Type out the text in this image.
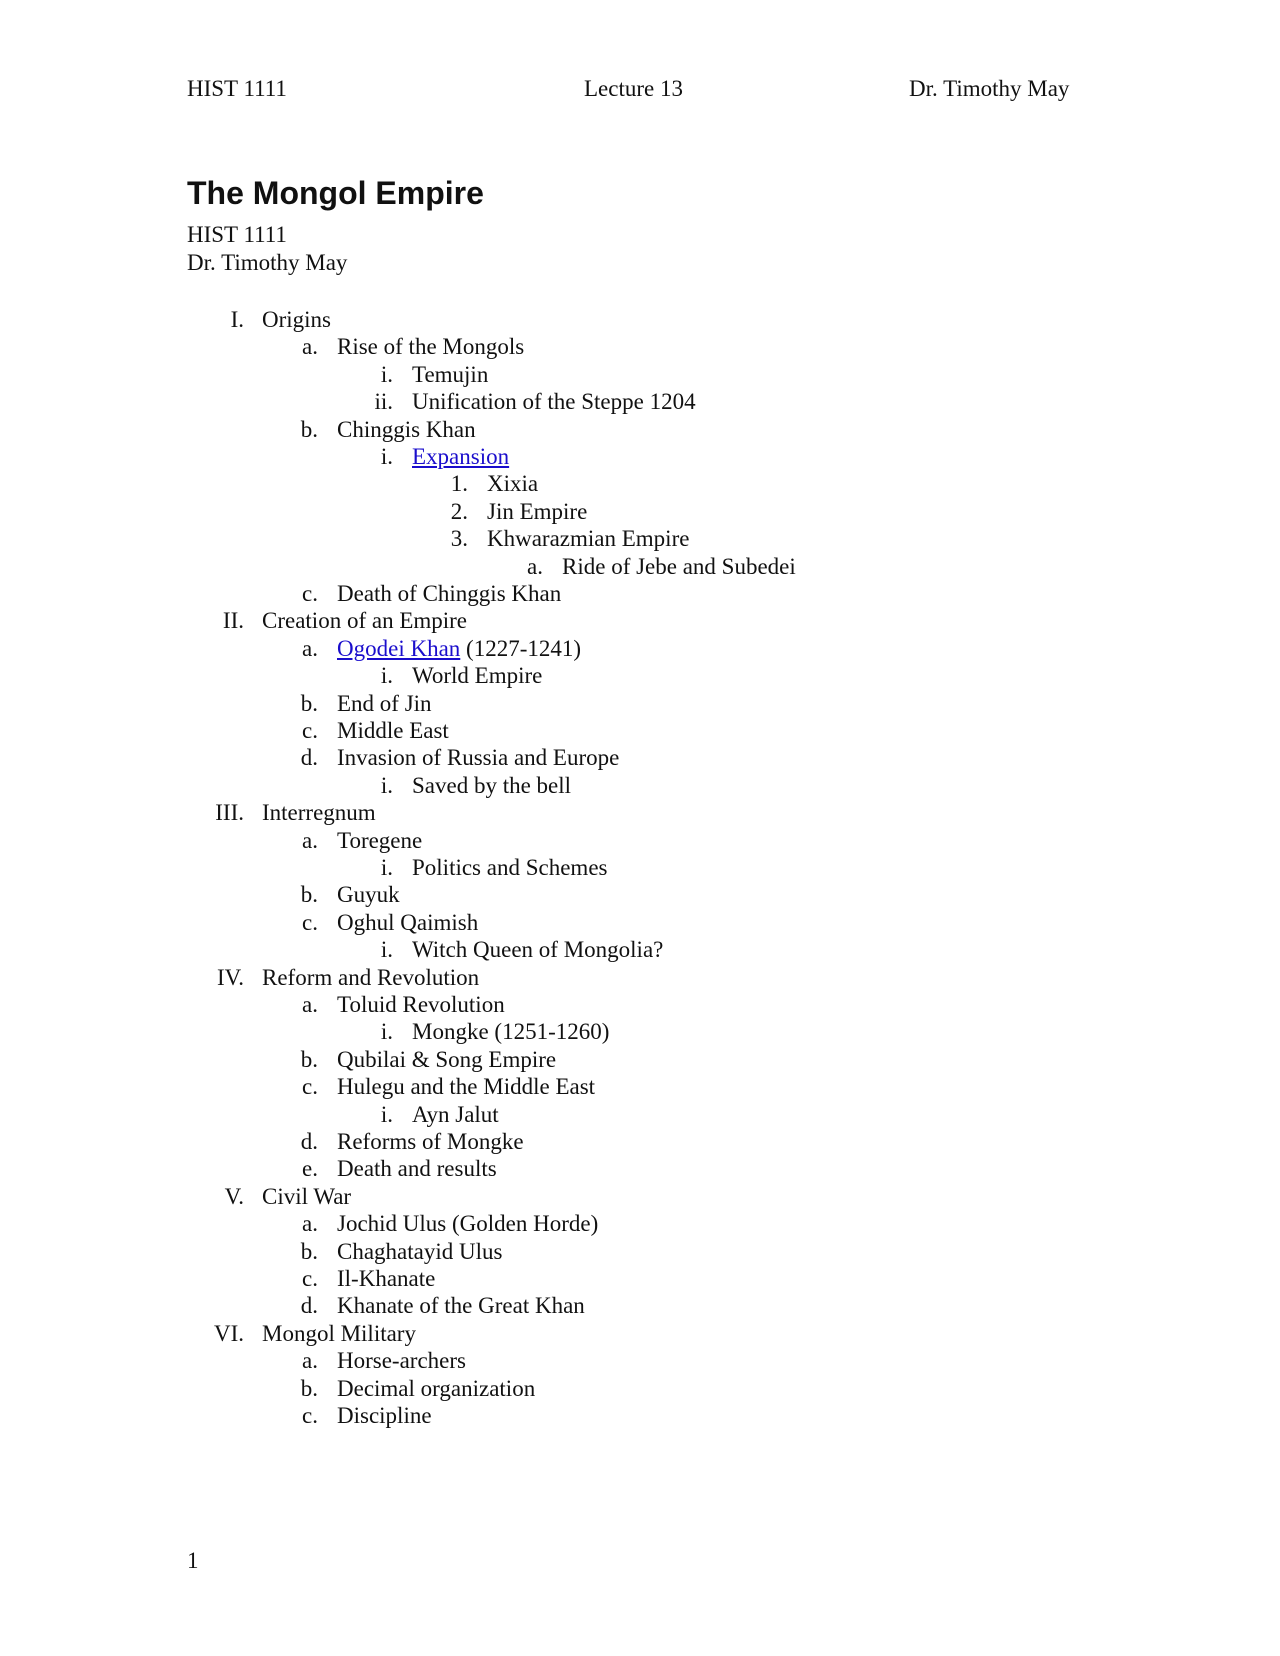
HIST 1111	Lecture 13	Dr. Timothy May
The Mongol Empire
HIST 1111
Dr. Timothy May
I. Origins
a. Rise of the Mongols
i. Temujin
ii. Unification of the Steppe 1204
b. Chinggis Khan
i. Expansion
1. Xixia
2. Jin Empire
3. Khwarazmian Empire
a. Ride of Jebe and Subedei
c. Death of Chinggis Khan
II. Creation of an Empire
a. Ogodei Khan (1227-1241)
i. World Empire
b. End of Jin
c. Middle East
d. Invasion of Russia and Europe
i. Saved by the bell
III. Interregnum
a. Toregene
i. Politics and Schemes
b. Guyuk
c. Oghul Qaimish
i. Witch Queen of Mongolia?
IV. Reform and Revolution
a. Toluid Revolution
i. Mongke (1251-1260)
b. Qubilai & Song Empire
c. Hulegu and the Middle East
i. Ayn Jalut
d. Reforms of Mongke
e. Death and results
V. Civil War
a. Jochid Ulus (Golden Horde)
b. Chaghatayid Ulus
c. Il-Khanate
d. Khanate of the Great Khan
VI. Mongol Military
a. Horse-archers
b. Decimal organization
c. Discipline
1
